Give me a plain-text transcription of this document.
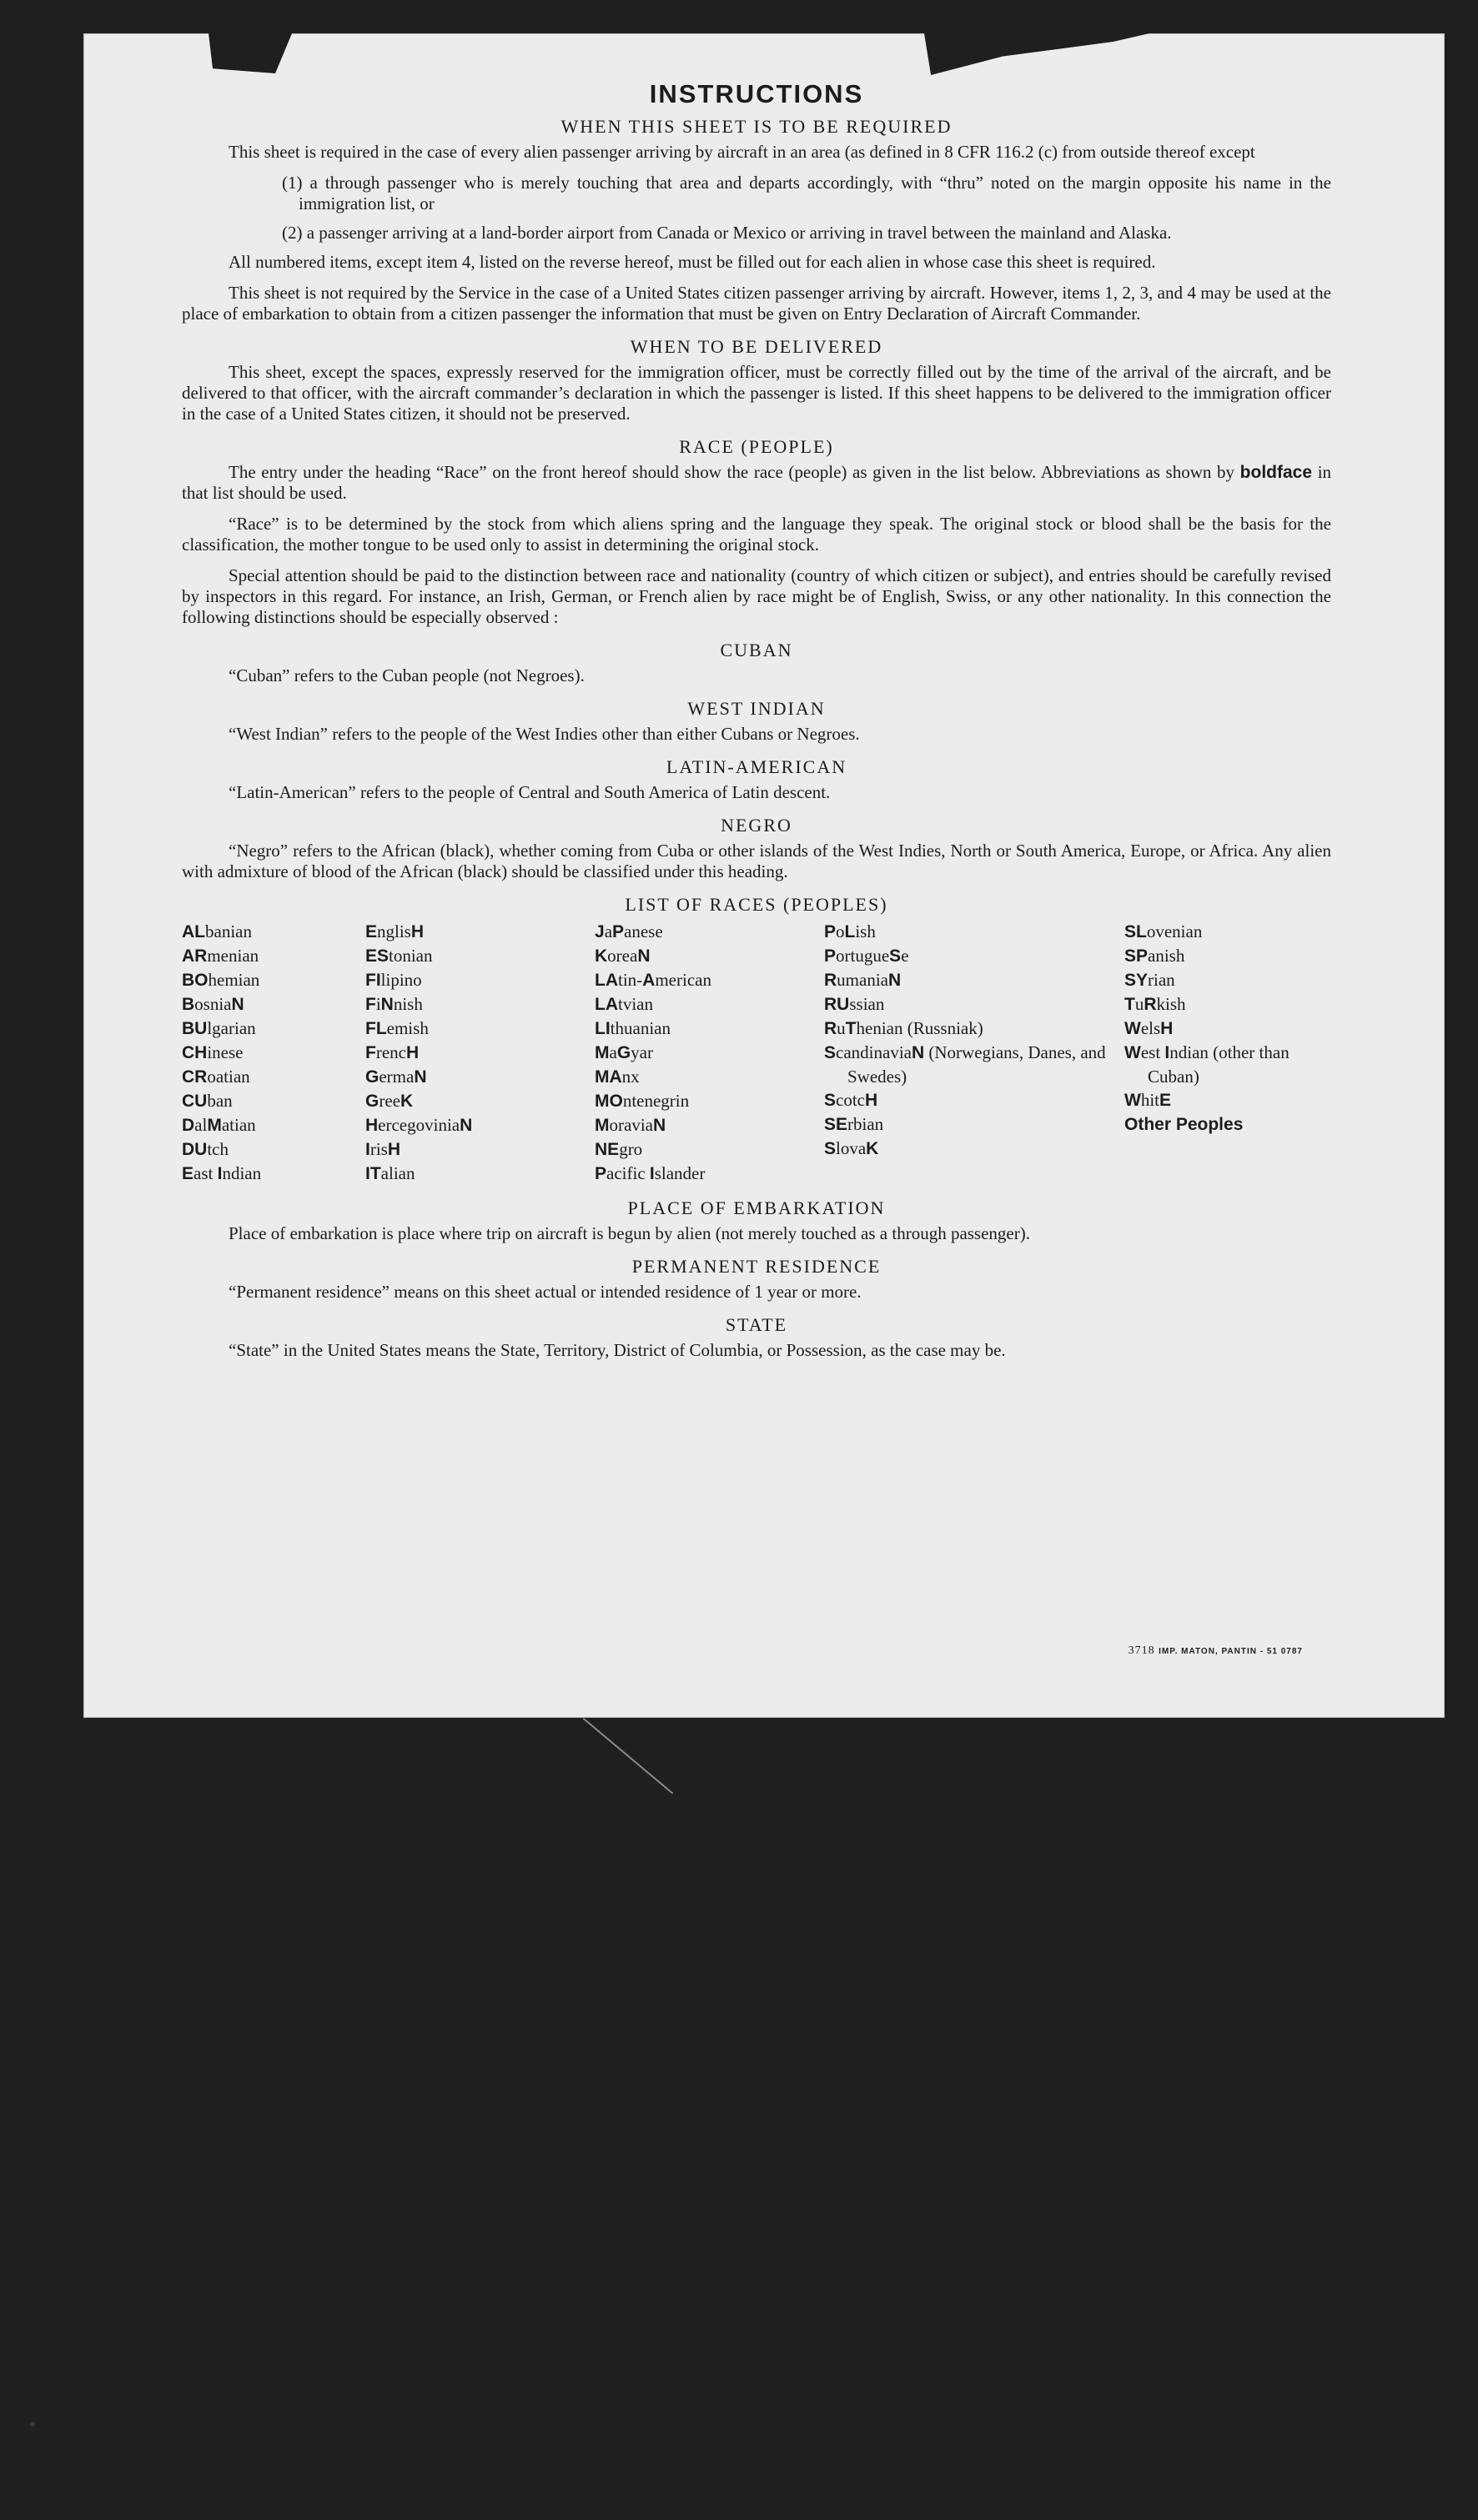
INSTRUCTIONS
WHEN THIS SHEET IS TO BE REQUIRED

This sheet is required in the case of every alien passenger arriving by aircraft in an area (as defined in 8 CFR 116.2 (c) from outside thereof except

(1) a through passenger who is merely touching that area and departs accordingly, with “thru” noted on the margin opposite his name in the immigration list, or

(2) a passenger arriving at a land-border airport from Canada or Mexico or arriving in travel between the mainland and Alaska.

All numbered items, except item 4, listed on the reverse hereof, must be filled out for each alien in whose case this sheet is required.

This sheet is not required by the Service in the case of a United States citizen passenger arriving by aircraft. However, items 1, 2, 3, and 4 may be used at the place of embarkation to obtain from a citizen passenger the information that must be given on Entry Declaration of Aircraft Commander.

WHEN TO BE DELIVERED

This sheet, except the spaces, expressly reserved for the immigration officer, must be correctly filled out by the time of the arrival of the aircraft, and be delivered to that officer, with the aircraft commander’s declaration in which the passenger is listed. If this sheet happens to be delivered to the immigration officer in the case of a United States citizen, it should not be preserved.

RACE (PEOPLE)

The entry under the heading “Race” on the front hereof should show the race (people) as given in the list below. Abbreviations as shown by boldface in that list should be used.

“Race” is to be determined by the stock from which aliens spring and the language they speak. The original stock or blood shall be the basis for the classification, the mother tongue to be used only to assist in determining the original stock.

Special attention should be paid to the distinction between race and nationality (country of which citizen or subject), and entries should be carefully revised by inspectors in this regard. For instance, an Irish, German, or French alien by race might be of English, Swiss, or any other nationality. In this connection the following distinctions should be especially observed :

CUBAN

“Cuban” refers to the Cuban people (not Negroes).

WEST INDIAN

“West Indian” refers to the people of the West Indies other than either Cubans or Negroes.

LATIN-AMERICAN

“Latin-American” refers to the people of Central and South America of Latin descent.

NEGRO

“Negro” refers to the African (black), whether coming from Cuba or other islands of the West Indies, North or South America, Europe, or Africa. Any alien with admixture of blood of the African (black) should be classified under this heading.

LIST OF RACES (PEOPLES)
ALbanian
ARmenian
BOhemian
BosniaN
BUlgarian
CHinese
CRoatian
CUban
DalMatian
DUtch
East Indian
EnglisH
EStonian
FIlipino
FiNnish
FLemish
FrencH
GermaN
GreeK
HercegoviniaN
IrisH
ITalian
JaPanese
KoreaN
LAtin-American
LAtvian
LIthuanian
MaGyar
MAnx
MOntenegrin
MoraviaN
NEgro
Pacific Islander
PoLish
PortugueSe
RumaniaN
RUssian
RuThenian (Russniak)
ScandinaviaN (Norwegians, Danes, and Swedes)
ScotcH
SErbian
SlovaK
SLovenian
SPanish
SYrian
TuRkish
WelsH
West Indian (other than Cuban)
WhitE
Other Peoples
PLACE OF EMBARKATION

Place of embarkation is place where trip on aircraft is begun by alien (not merely touched as a through passenger).

PERMANENT RESIDENCE

“Permanent residence” means on this sheet actual or intended residence of 1 year or more.

STATE

“State” in the United States means the State, Territory, District of Columbia, or Possession, as the case may be.

3718 IMP. MATON, PANTIN - 51 0787
